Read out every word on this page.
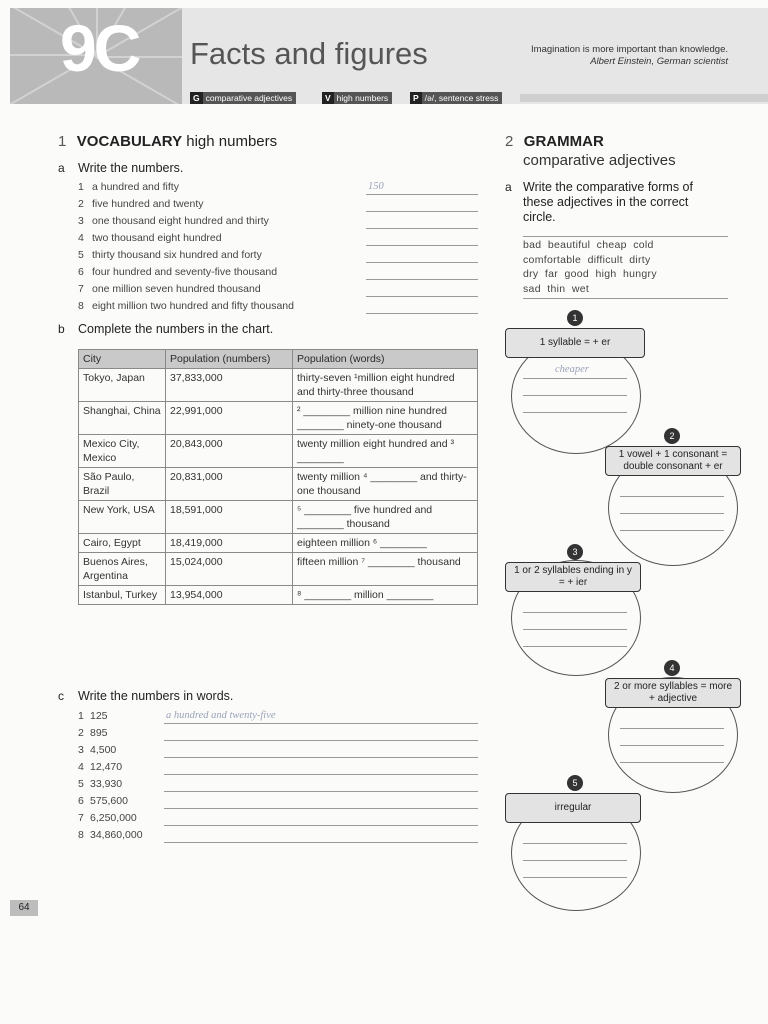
9C Facts and figures	Imagination is more important than knowledge.
Albert Einstein, German scientist
G comparative adjectives	V high numbers	P /ə/, sentence stress
1 VOCABULARY high numbers
a Write the numbers.
1 a hundred and fifty	150
2 five hundred and twenty
3 one thousand eight hundred and thirty
4 two thousand eight hundred
5 thirty thousand six hundred and forty
6 four hundred and seventy-five thousand
7 one million seven hundred thousand
8 eight million two hundred and fifty thousand
b Complete the numbers in the chart.
City	Population (numbers)	Population (words)
Tokyo, Japan	37,833,000	thirty-seven ¹million eight hundred and thirty-three thousand
Shanghai, China	22,991,000	² ________ million nine hundred ________ ninety-one thousand
Mexico City, Mexico	20,843,000	twenty million eight hundred and ³ ________
São Paulo, Brazil	20,831,000	twenty million ⁴ ________ and thirty-one thousand
New York, USA	18,591,000	⁵ ________ five hundred and ________ thousand
Cairo, Egypt	18,419,000	eighteen million ⁶ ________
Buenos Aires, Argentina	15,024,000	fifteen million ⁷ ________ thousand
Istanbul, Turkey	13,954,000	⁸ ________ million ________
c Write the numbers in words.
1 125	a hundred and twenty-five
2 895
3 4,500
4 12,470
5 33,930
6 575,600
7 6,250,000
8 34,860,000
2 GRAMMAR
comparative adjectives
a Write the comparative forms of these adjectives in the correct circle.
bad  beautiful  cheap  cold
comfortable  difficult  dirty
dry  far  good  high  hungry
sad  thin  wet
1 syllable = + er
1
cheaper
1 vowel + 1 consonant = double consonant + er
2
1 or 2 syllables ending in y = + ier
3
2 or more syllables = more + adjective
4
irregular
5
64
